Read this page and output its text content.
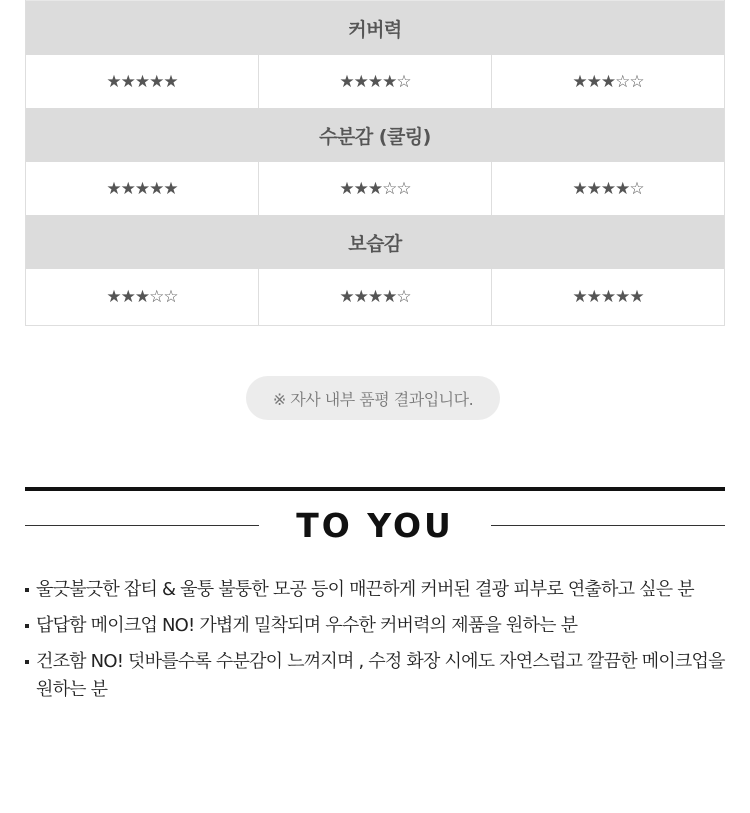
커버력
★★★★★	★★★★☆	★★★☆☆
수분감 (쿨링)
★★★★★	★★★☆☆	★★★★☆
보습감
★★★☆☆	★★★★☆	★★★★★
※ 자사 내부 품평 결과입니다.
TO YOU
울긋불긋한 잡티 & 울퉁 불퉁한 모공 등이 매끈하게 커버된 결광 피부로 연출하고 싶은 분
답답함 메이크업 NO! 가볍게 밀착되며 우수한 커버력의 제품을 원하는 분
건조함 NO! 덧바를수록 수분감이 느껴지며 , 수정 화장 시에도 자연스럽고 깔끔한 메이크업을 원하는 분
